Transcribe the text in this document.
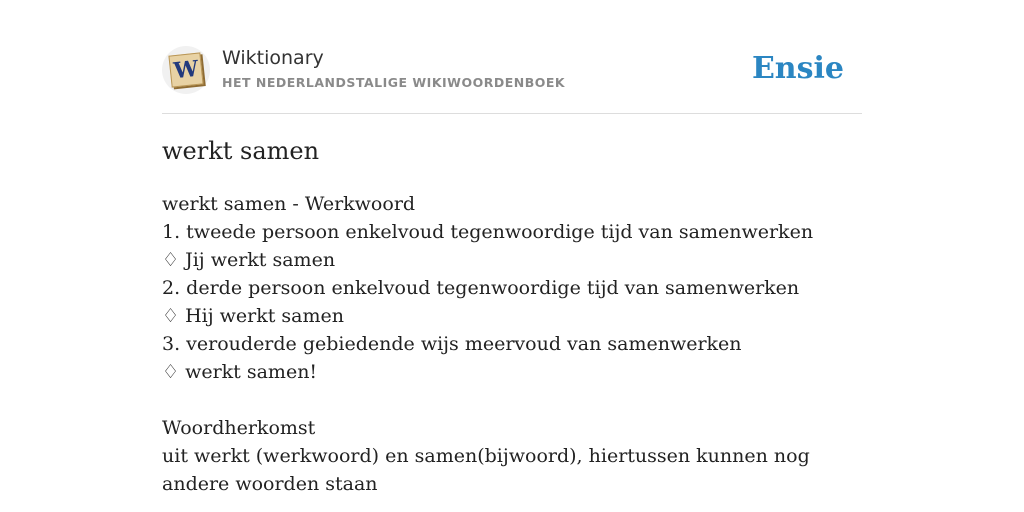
W Wiktionary
HET NEDERLANDSTALIGE WIKIWOORDENBOEK	Ensie
werkt samen
werkt samen - Werkwoord
1. tweede persoon enkelvoud tegenwoordige tijd van samenwerken
♢ Jij werkt samen
2. derde persoon enkelvoud tegenwoordige tijd van samenwerken
♢ Hij werkt samen
3. verouderde gebiedende wijs meervoud van samenwerken
♢ werkt samen!
Woordherkomst
uit werkt (werkwoord) en samen(bijwoord), hiertussen kunnen nog andere woorden staan
